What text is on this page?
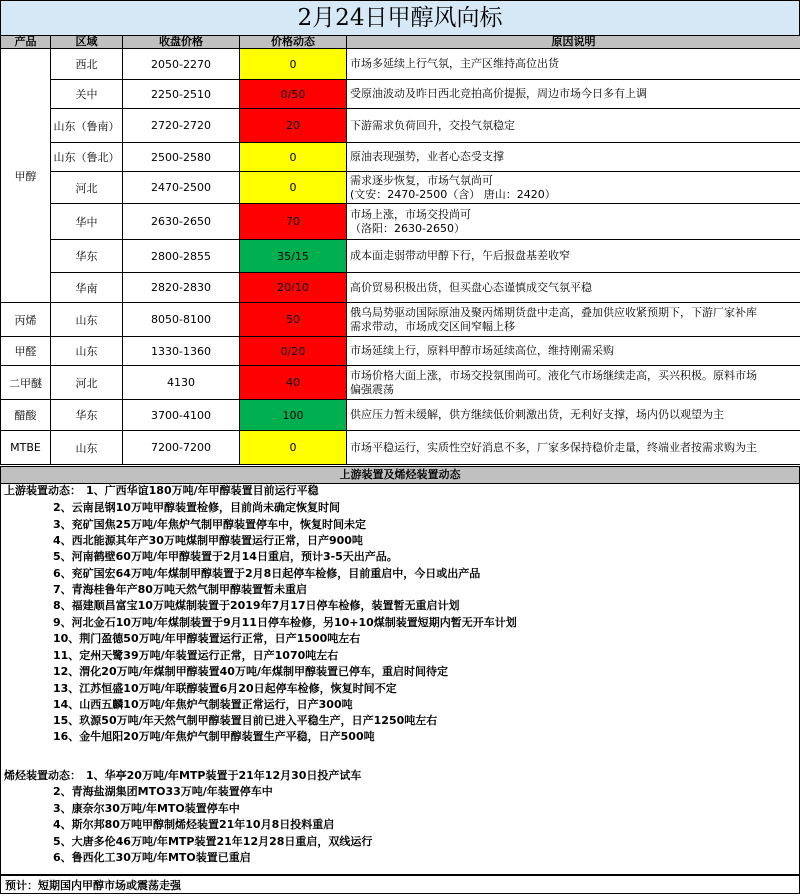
2月24日甲醇风向标
产品	区域	收盘价格	价格动态	原因说明
甲醇	西北	2050-2270	0	市场多延续上行气氛，主产区维持高位出货
	关中	2250-2510	0/50	受原油波动及昨日西北竞拍高价提振，周边市场今日多有上调
	山东（鲁南）	2720-2720	20	下游需求负荷回升，交投气氛稳定
	山东（鲁北）	2500-2580	0	原油表现强势，业者心态受支撑
	河北	2470-2500	0	需求逐步恢复，市场气氛尚可
(文安：2470-2500（含） 唐山：2420）

	华中	2630-2650	70	市场上涨，市场交投尚可
（洛阳：2630-2650）

	华东	2800-2855	35/15	成本面走弱带动甲醇下行，午后报盘基差收窄
	华南	2820-2830	20/10	高价贸易积极出货，但买盘心态谨慎成交气氛平稳
丙烯	山东	8050-8100	50	俄乌局势驱动国际原油及聚丙烯期货盘中走高，叠加供应收紧预期下，下游厂家补库
需求带动，市场成交区间窄幅上移

甲醛	山东	1330-1360	0/20	市场延续上行，原料甲醇市场延续高位，维持刚需采购
二甲醚	河北	4130	40	市场价格大面上涨，市场交投氛围尚可。液化气市场继续走高，买兴积极。原料市场
偏强震荡

醋酸	华东	3700-4100	100	供应压力暂未缓解，供方继续低价刺激出货，无利好支撑，场内仍以观望为主
MTBE	山东	7200-7200	0	市场平稳运行，实质性空好消息不多，厂家多保持稳价走量，终端业者按需求购为主
上游装置及烯烃装置动态
上游装置动态： 1、广西华谊180万吨/年甲醇装置目前运行平稳
2、云南昆钢10万吨甲醇装置检修，目前尚未确定恢复时间
3、兖矿国焦25万吨/年焦炉气制甲醇装置停车中，恢复时间未定
4、西北能源其年产30万吨煤制甲醇装置运行正常，日产900吨
5、河南鹤壁60万吨/年甲醇装置于2月14日重启，预计3-5天出产品。
6、兖矿国宏64万吨/年煤制甲醇装置于2月8日起停车检修，目前重启中，今日或出产品
7、青海桂鲁年产80万吨天然气制甲醇装置暂未重启
8、福建顺昌富宝10万吨煤制装置于2019年7月17日停车检修，装置暂无重启计划
9、河北金石10万吨/年煤制装置于9月11日停车检修，另10+10煤制装置短期内暂无开车计划
10、荆门盈德50万吨/年甲醇装置运行正常，日产1500吨左右
11、定州天鹭39万吨/年装置运行正常，日产1070吨左右
12、渭化20万吨/年煤制甲醇装置40万吨/年煤制甲醇装置已停车，重启时间待定
13、江苏恒盛10万吨/年联醇装置6月20日起停车检修，恢复时间不定
14、山西五麟10万吨/年焦炉气制装置正常运行，日产300吨
15、玖源50万吨/年天然气制甲醇装置目前已进入平稳生产，日产1250吨左右
16、金牛旭阳20万吨/年焦炉气制甲醇装置生产平稳，日产500吨
烯烃装置动态： 1、华亭20万吨/年MTP装置于21年12月30日投产试车
2、青海盐湖集团MTO33万吨/年装置停车中
3、康奈尔30万吨/年MTO装置停车中
4、斯尔邦80万吨甲醇制烯烃装置21年10月8日投料重启
5、大唐多伦46万吨/年MTP装置21年12月28日重启，双线运行
6、鲁西化工30万吨/年MTO装置已重启
预计：短期国内甲醇市场或震荡走强
